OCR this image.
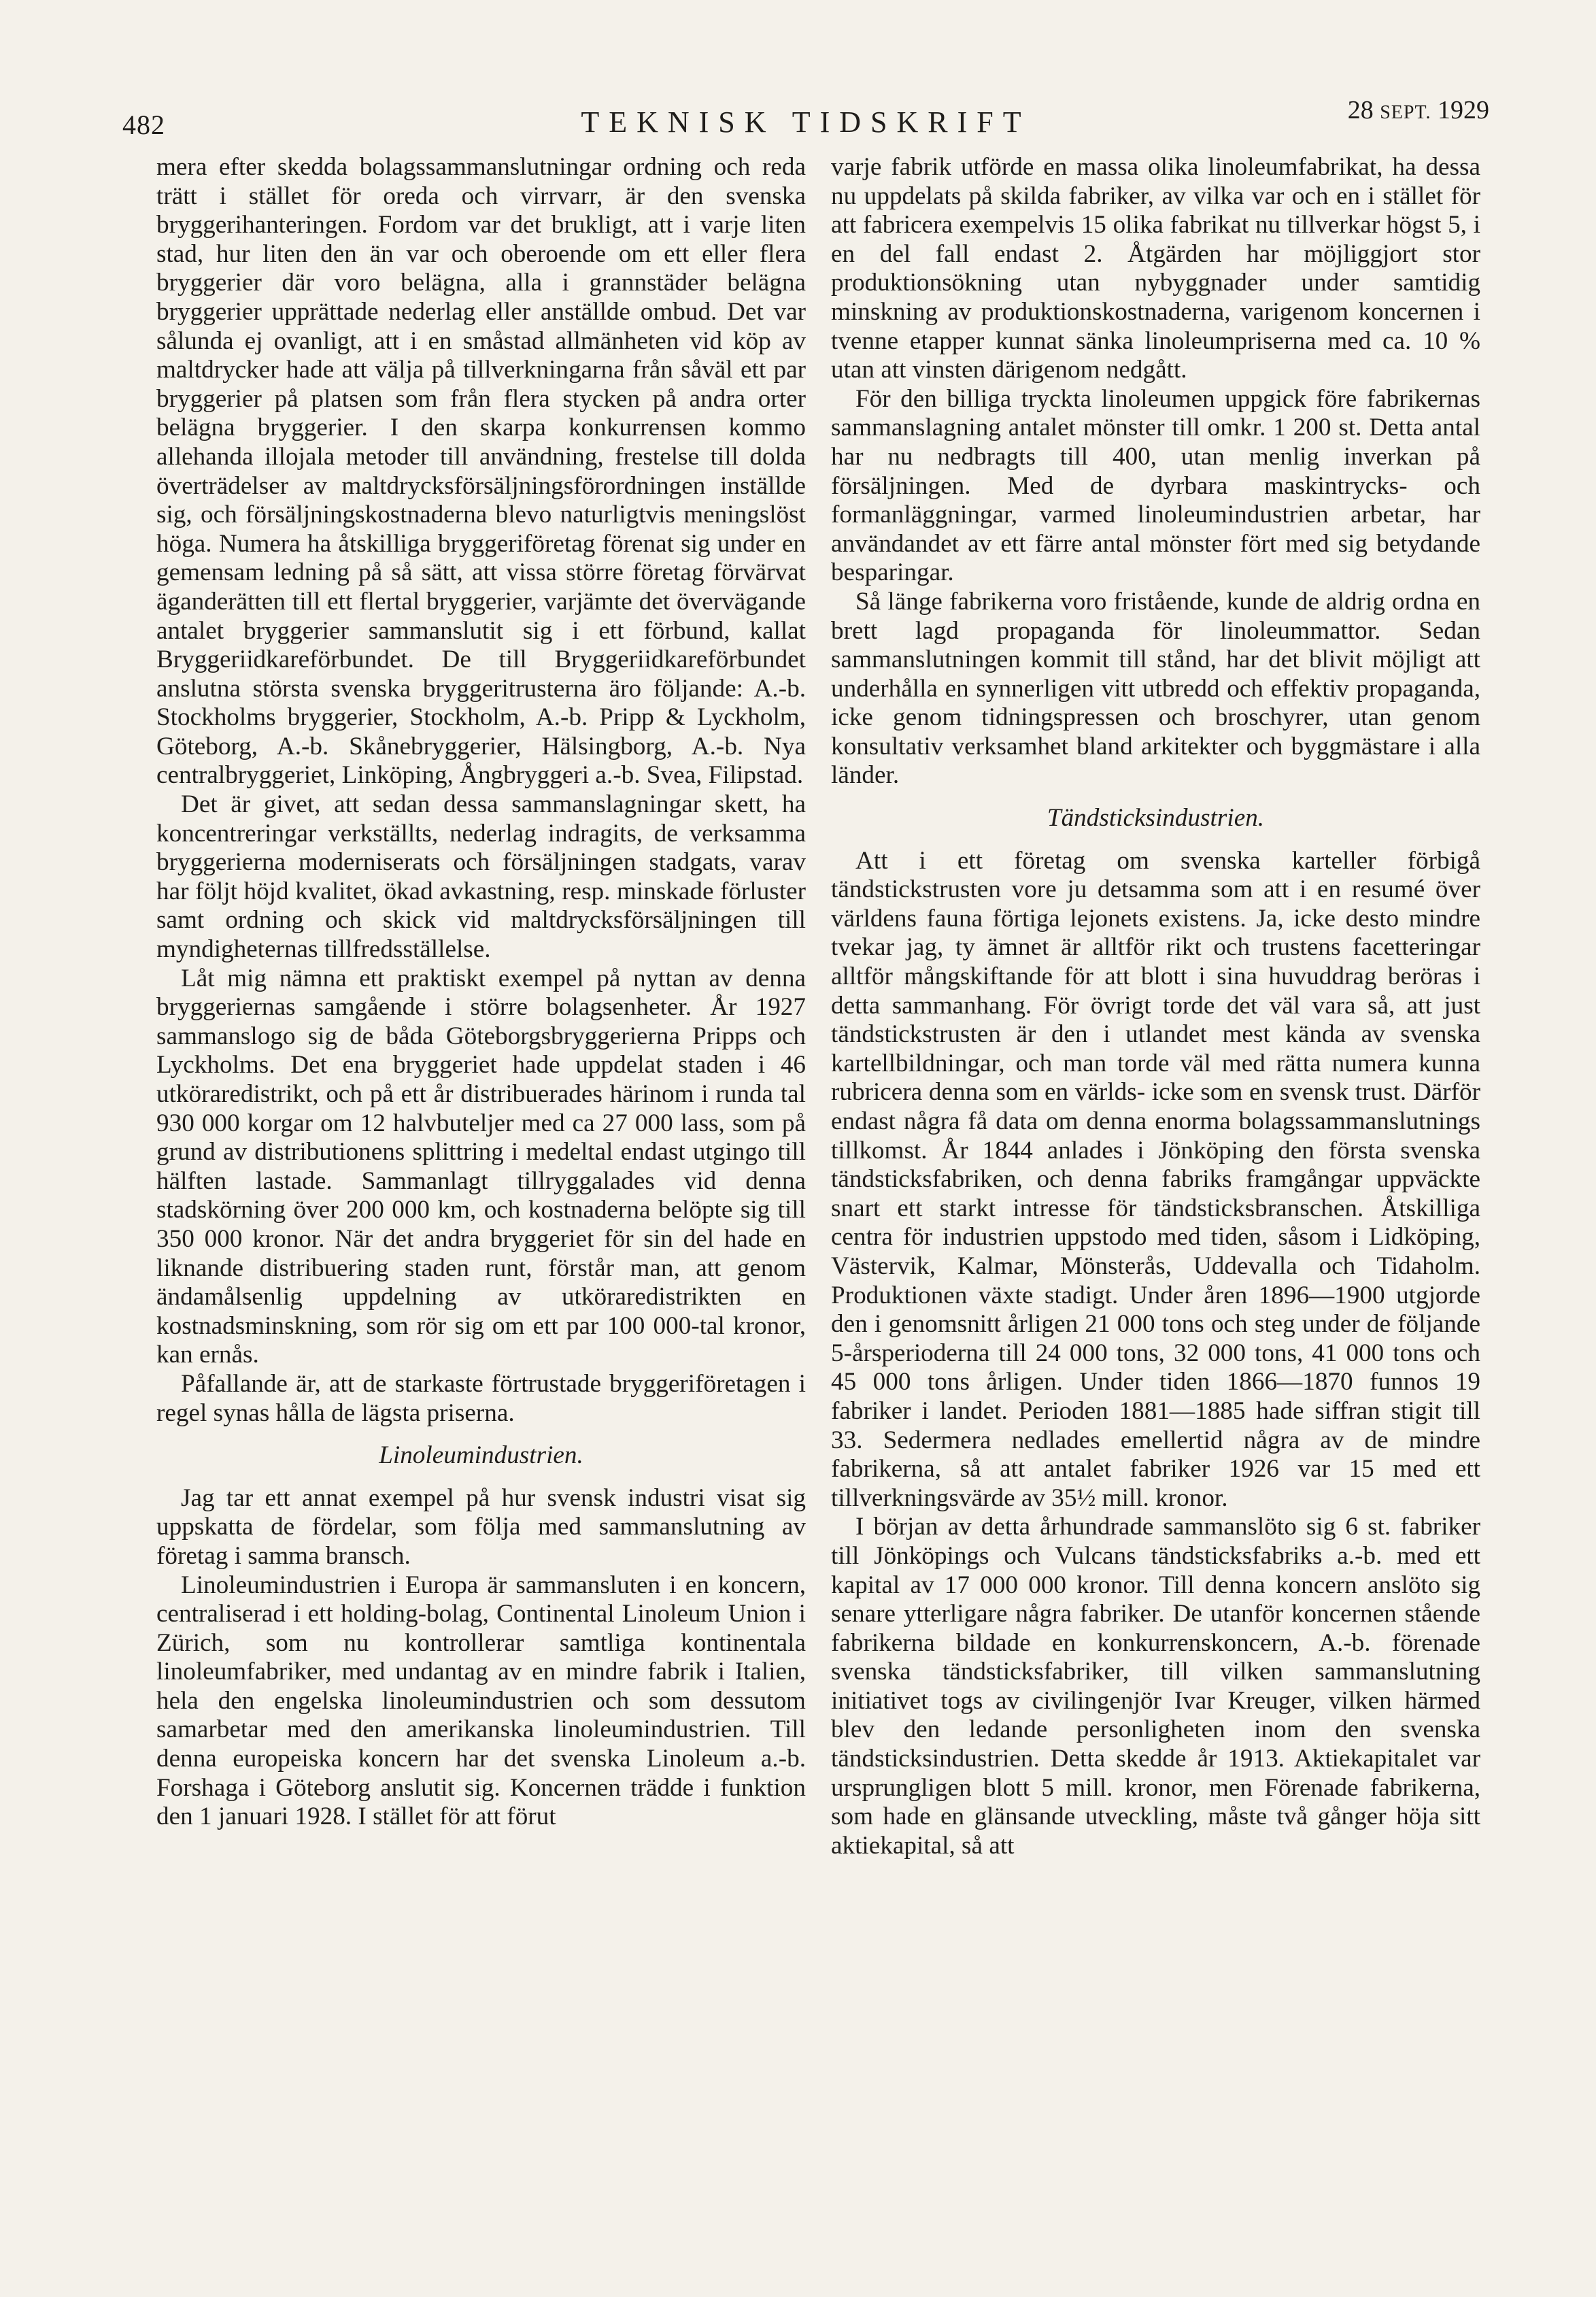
482	TEKNISK TIDSKRIFT	28 SEPT. 1929

mera efter skedda bolagssammanslutningar ordning och reda trätt i stället för oreda och virrvarr, är den svenska bryggerihanteringen. Fordom var det brukligt, att i varje liten stad, hur liten den än var och oberoende om ett eller flera bryggerier där voro belägna, alla i grannstäder belägna bryggerier upprättade nederlag eller anställde ombud. Det var sålunda ej ovanligt, att i en småstad allmänheten vid köp av maltdrycker hade att välja på tillverkningarna från såväl ett par bryggerier på platsen som från flera stycken på andra orter belägna bryggerier. I den skarpa konkurrensen kommo allehanda illojala metoder till användning, frestelse till dolda överträdelser av maltdrycksförsäljningsförordningen inställde sig, och försäljningskostnaderna blevo naturligtvis meningslöst höga. Numera ha åtskilliga bryggeriföretag förenat sig under en gemensam ledning på så sätt, att vissa större företag förvärvat äganderätten till ett flertal bryggerier, varjämte det övervägande antalet bryggerier sammanslutit sig i ett förbund, kallat Bryggeriidkareförbundet. De till Bryggeriidkareförbundet anslutna största svenska bryggeritrusterna äro följande: A.-b. Stockholms bryggerier, Stockholm, A.-b. Pripp & Lyckholm, Göteborg, A.-b. Skånebryggerier, Hälsingborg, A.-b. Nya centralbryggeriet, Linköping, Ångbryggeri a.-b. Svea, Filipstad.

Det är givet, att sedan dessa sammanslagningar skett, ha koncentreringar verkställts, nederlag indragits, de verksamma bryggerierna moderniserats och försäljningen stadgats, varav har följt höjd kvalitet, ökad avkastning, resp. minskade förluster samt ordning och skick vid maltdrycksförsäljningen till myndigheternas tillfredsställelse.

Låt mig nämna ett praktiskt exempel på nyttan av denna bryggeriernas samgående i större bolagsenheter. År 1927 sammanslogo sig de båda Göteborgsbryggerierna Pripps och Lyckholms. Det ena bryggeriet hade uppdelat staden i 46 utköraredistrikt, och på ett år distribuerades härinom i runda tal 930 000 korgar om 12 halvbuteljer med ca 27 000 lass, som på grund av distributionens splittring i medeltal endast utgingo till hälften lastade. Sammanlagt tillryggalades vid denna stadskörning över 200 000 km, och kostnaderna belöpte sig till 350 000 kronor. När det andra bryggeriet för sin del hade en liknande distribuering staden runt, förstår man, att genom ändamålsenlig uppdelning av utköraredistrikten en kostnadsminskning, som rör sig om ett par 100 000-tal kronor, kan ernås.

Påfallande är, att de starkaste förtrustade bryggeriföretagen i regel synas hålla de lägsta priserna.

Linoleumindustrien.

Jag tar ett annat exempel på hur svensk industri visat sig uppskatta de fördelar, som följa med sammanslutning av företag i samma bransch.

Linoleumindustrien i Europa är sammansluten i en koncern, centraliserad i ett holding-bolag, Continental Linoleum Union i Zürich, som nu kontrollerar samtliga kontinentala linoleumfabriker, med undantag av en mindre fabrik i Italien, hela den engelska linoleumindustrien och som dessutom samarbetar med den amerikanska linoleumindustrien. Till denna europeiska koncern har det svenska Linoleum a.-b. Forshaga i Göteborg anslutit sig. Koncernen trädde i funktion den 1 januari 1928. I stället för att förut

varje fabrik utförde en massa olika linoleumfabrikat, ha dessa nu uppdelats på skilda fabriker, av vilka var och en i stället för att fabricera exempelvis 15 olika fabrikat nu tillverkar högst 5, i en del fall endast 2. Åtgärden har möjliggjort stor produktionsökning utan nybyggnader under samtidig minskning av produktionskostnaderna, varigenom koncernen i tvenne etapper kunnat sänka linoleumpriserna med ca. 10 % utan att vinsten därigenom nedgått.

För den billiga tryckta linoleumen uppgick före fabrikernas sammanslagning antalet mönster till omkr. 1 200 st. Detta antal har nu nedbragts till 400, utan menlig inverkan på försäljningen. Med de dyrbara maskintrycks- och formanläggningar, varmed linoleumindustrien arbetar, har användandet av ett färre antal mönster fört med sig betydande besparingar.

Så länge fabrikerna voro fristående, kunde de aldrig ordna en brett lagd propaganda för linoleummattor. Sedan sammanslutningen kommit till stånd, har det blivit möjligt att underhålla en synnerligen vitt utbredd och effektiv propaganda, icke genom tidningspressen och broschyrer, utan genom konsultativ verksamhet bland arkitekter och byggmästare i alla länder.

Tändsticksindustrien.

Att i ett företag om svenska karteller förbigå tändstickstrusten vore ju detsamma som att i en resumé över världens fauna förtiga lejonets existens. Ja, icke desto mindre tvekar jag, ty ämnet är alltför rikt och trustens facetteringar alltför mångskiftande för att blott i sina huvuddrag beröras i detta sammanhang. För övrigt torde det väl vara så, att just tändstickstrusten är den i utlandet mest kända av svenska kartellbildningar, och man torde väl med rätta numera kunna rubricera denna som en världs- icke som en svensk trust. Därför endast några få data om denna enorma bolagssammanslutnings tillkomst. År 1844 anlades i Jönköping den första svenska tändsticksfabriken, och denna fabriks framgångar uppväckte snart ett starkt intresse för tändsticksbranschen. Åtskilliga centra för industrien uppstodo med tiden, såsom i Lidköping, Västervik, Kalmar, Mönsterås, Uddevalla och Tidaholm. Produktionen växte stadigt. Under åren 1896—1900 utgjorde den i genomsnitt årligen 21 000 tons och steg under de följande 5-årsperioderna till 24 000 tons, 32 000 tons, 41 000 tons och 45 000 tons årligen. Under tiden 1866—1870 funnos 19 fabriker i landet. Perioden 1881—1885 hade siffran stigit till 33. Sedermera nedlades emellertid några av de mindre fabrikerna, så att antalet fabriker 1926 var 15 med ett tillverkningsvärde av 35½ mill. kronor.

I början av detta århundrade sammanslöto sig 6 st. fabriker till Jönköpings och Vulcans tändsticksfabriks a.-b. med ett kapital av 17 000 000 kronor. Till denna koncern anslöto sig senare ytterligare några fabriker. De utanför koncernen stående fabrikerna bildade en konkurrenskoncern, A.-b. förenade svenska tändsticksfabriker, till vilken sammanslutning initiativet togs av civilingenjör Ivar Kreuger, vilken härmed blev den ledande personligheten inom den svenska tändsticksindustrien. Detta skedde år 1913. Aktiekapitalet var ursprungligen blott 5 mill. kronor, men Förenade fabrikerna, som hade en glänsande utveckling, måste två gånger höja sitt aktiekapital, så att
